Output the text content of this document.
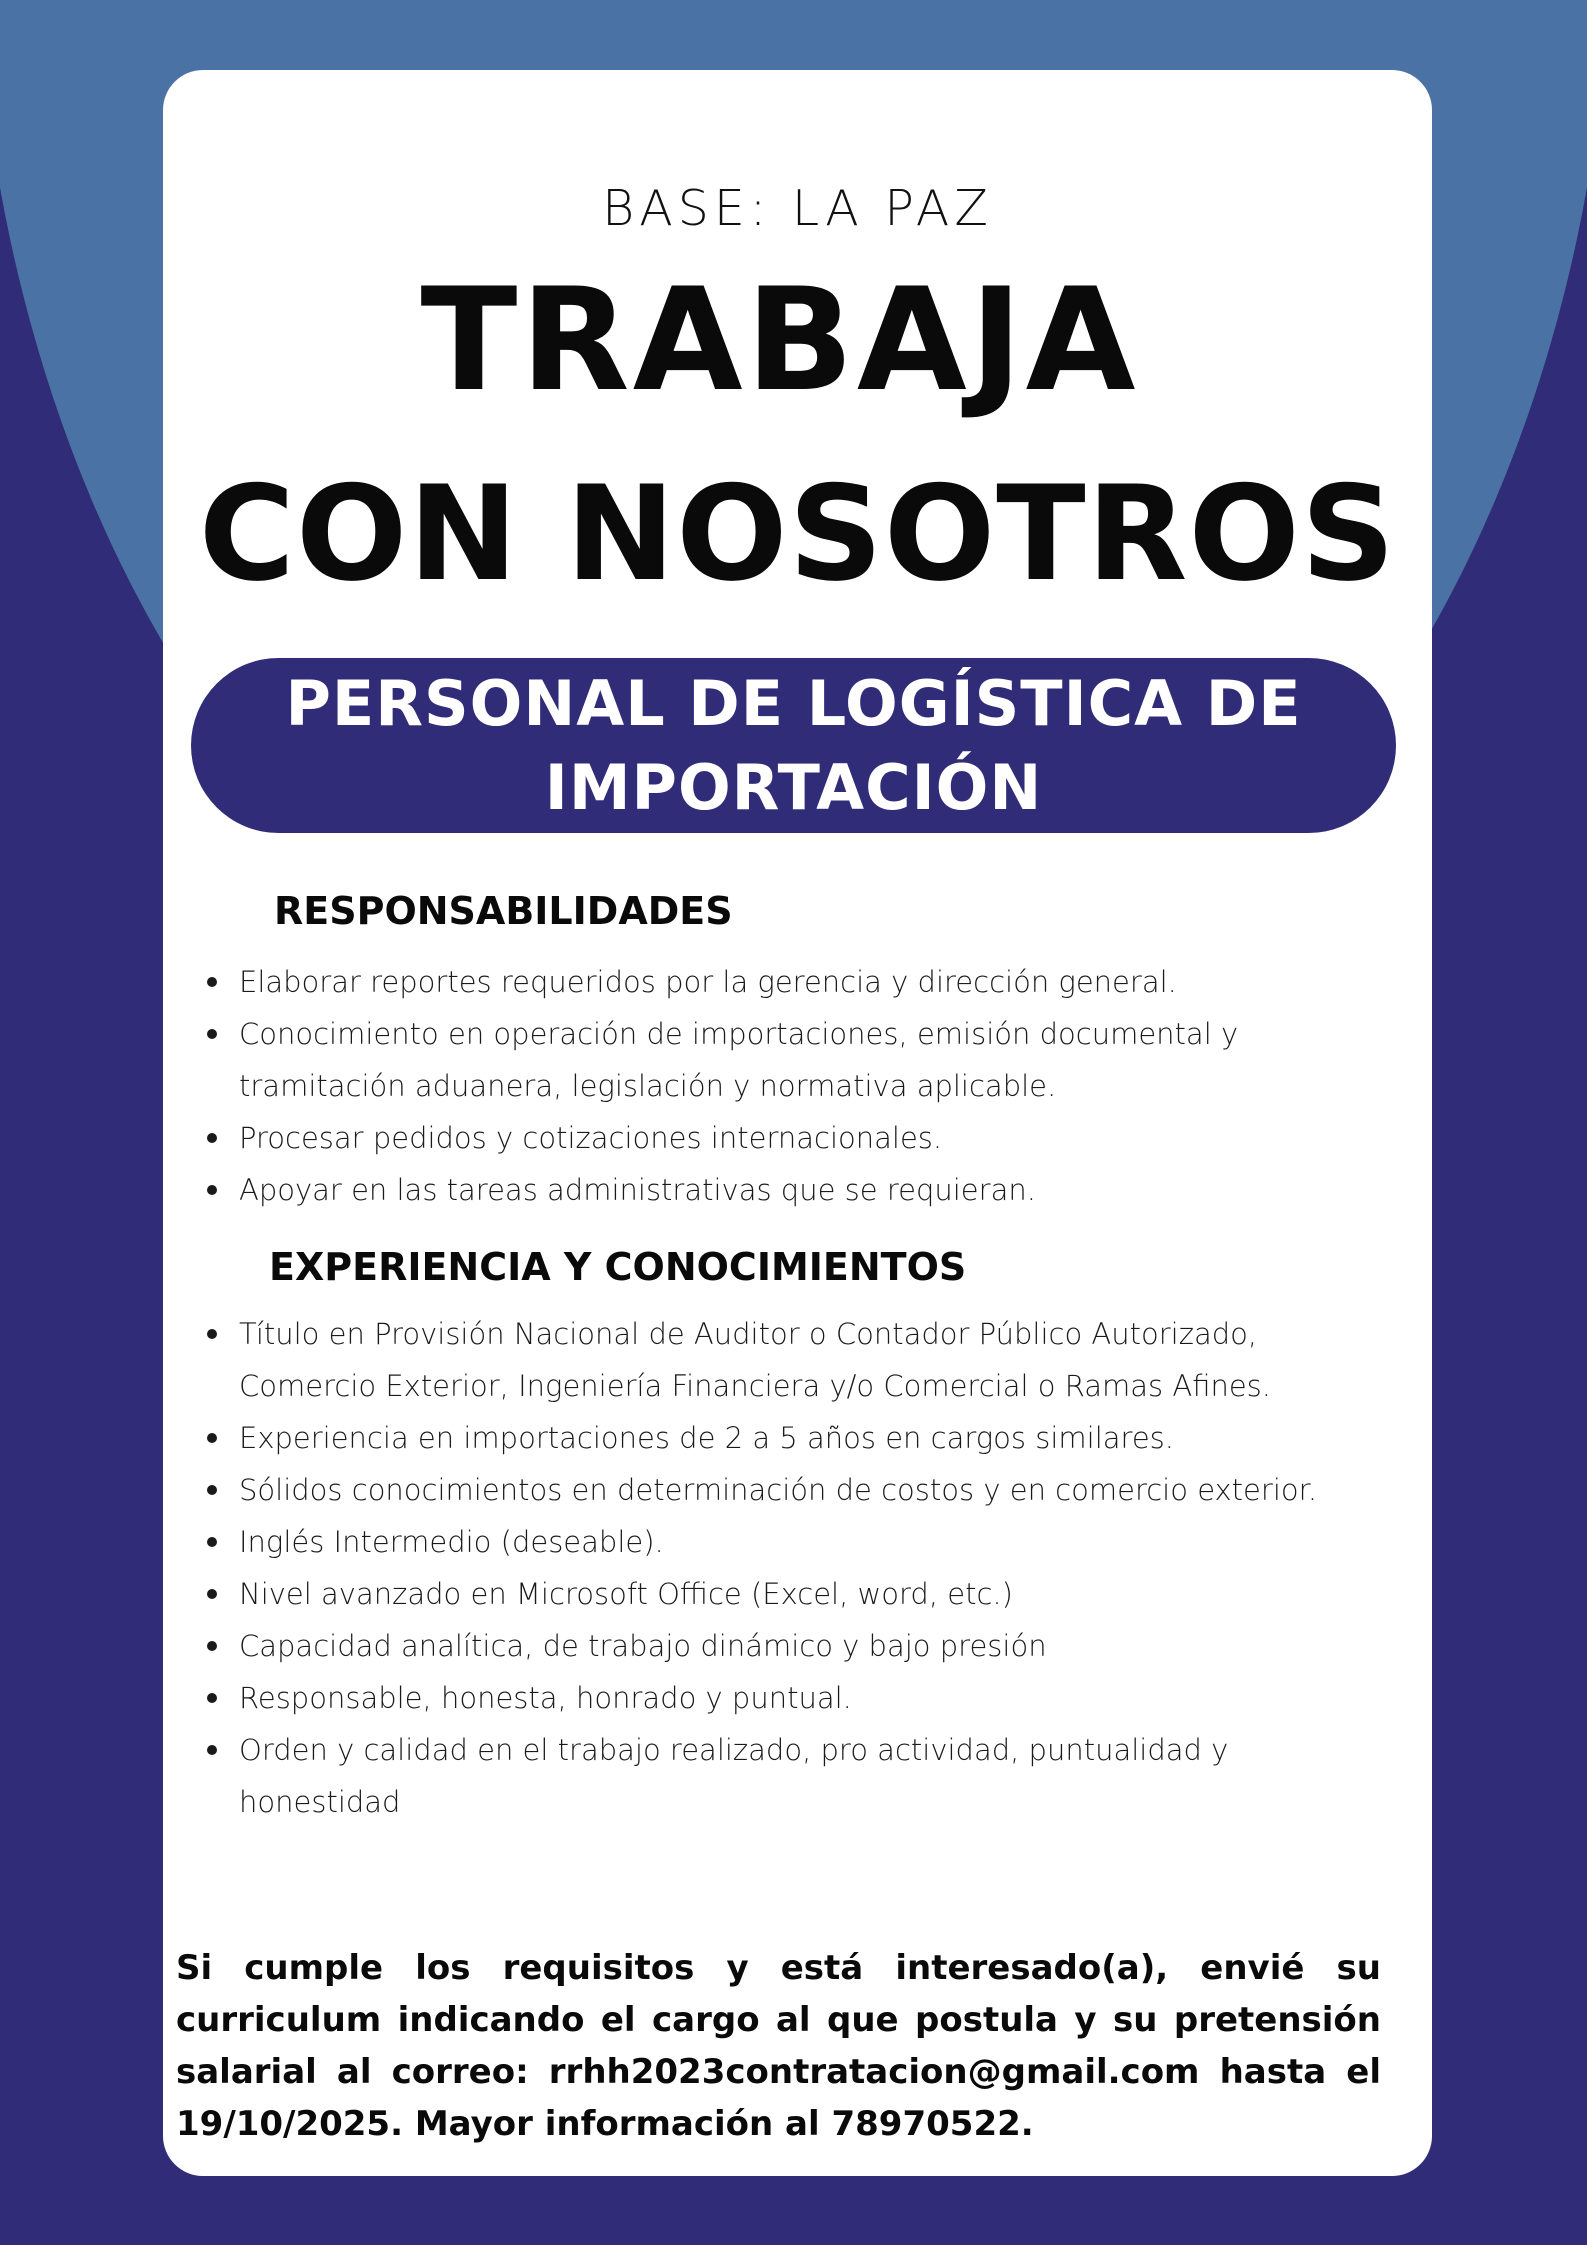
BASE: LA PAZ
TRABAJA
CON NOSOTROS
PERSONAL DE LOGÍSTICA DE IMPORTACIÓN
RESPONSABILIDADES
Elaborar reportes requeridos por la gerencia y dirección general.
Conocimiento en operación de importaciones, emisión documental y tramitación aduanera, legislación y normativa aplicable.
Procesar pedidos y cotizaciones internacionales.
Apoyar en las tareas administrativas que se requieran.
EXPERIENCIA Y CONOCIMIENTOS
Título en Provisión Nacional de Auditor o Contador Público Autorizado, Comercio Exterior, Ingeniería Financiera y/o Comercial o Ramas Afines.
Experiencia en importaciones de 2 a 5 años en cargos similares.
Sólidos conocimientos en determinación de costos y en comercio exterior.
Inglés Intermedio (deseable).
Nivel avanzado en Microsoft Office (Excel, word, etc.)
Capacidad analítica, de trabajo dinámico y bajo presión
Responsable, honesta, honrado y puntual.
Orden y calidad en el trabajo realizado, pro actividad, puntualidad y honestidad

Si cumple los requisitos y está interesado(a), envié su curriculum indicando el cargo al que postula y su pretensión salarial al correo: rrhh2023contratacion@gmail.com hasta el 19/10/2025. Mayor información al 78970522.
